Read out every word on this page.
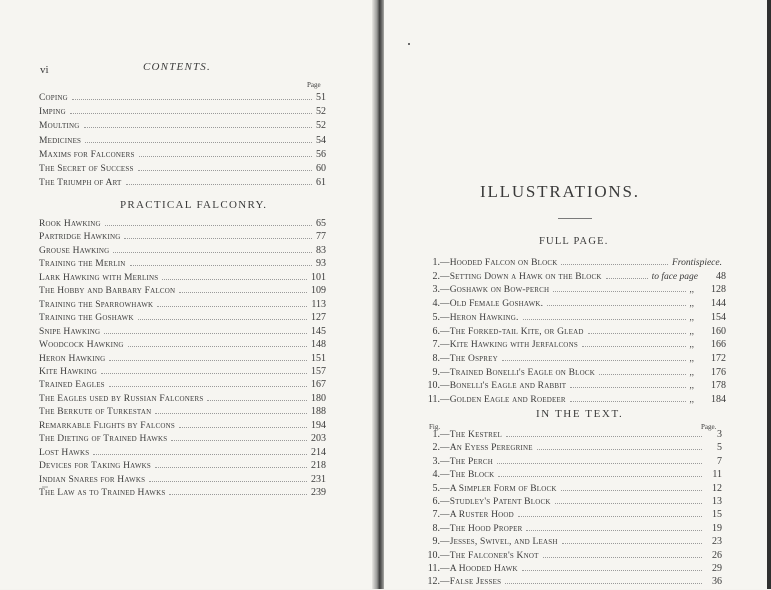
vi	CONTENTS.
Page
Coping	51
Imping	52
Moulting	52
Medicines	54
Maxims for Falconers	56
The Secret of Success	60
The Triumph of Art	61
PRACTICAL FALCONRY.
Rook Hawking	65
Partridge Hawking	77
Grouse Hawking	83
Training the Merlin	93
Lark Hawking with Merlins	101
The Hobby and Barbary Falcon	109
Training the Sparrowhawk	113
Training the Goshawk	127
Snipe Hawking	145
Woodcock Hawking	148
Heron Hawking	151
Kite Hawking	157
Trained Eagles	167
The Eagles used by Russian Falconers	180
The Berkute of Turkestan	188
Remarkable Flights by Falcons	194
The Dieting of Trained Hawks	203
Lost Hawks	214
Devices for Taking Hawks	218
Indian Snares for Hawks	231
The Law as to Trained Hawks	239
ILLUSTRATIONS.
FULL PAGE.
1. —Hooded Falcon on Block	Frontispiece.
2. —Setting Down a Hawk on the Block	to face page	48
3. —Goshawk on Bow-perch	,,	128
4. —Old Female Goshawk.	,,	144
5. —Heron Hawking.	,,	154
6. —The Forked-tail Kite, or Glead	,,	160
7. —Kite Hawking with Jerfalcons	,,	166
8. —The Osprey	,,	172
9. —Trained Bonelli's Eagle on Block	,,	176
10. —Bonelli's Eagle and Rabbit	,,	178
11. —Golden Eagle and Roedeer	,,	184
IN THE TEXT.
Fig.	Page.
1. —The Kestrel	3
2. —An Eyess Peregrine	5
3. —The Perch	7
4. —The Block	11
5. —A Simpler Form of Block	12
6. —Studley's Patent Block	13
7. —A Ruster Hood	15
8. —The Hood Proper	19
9. —Jesses, Swivel, and Leash	23
10. —The Falconer's Knot	26
11. —A Hooded Hawk	29
12. —False Jesses	36
